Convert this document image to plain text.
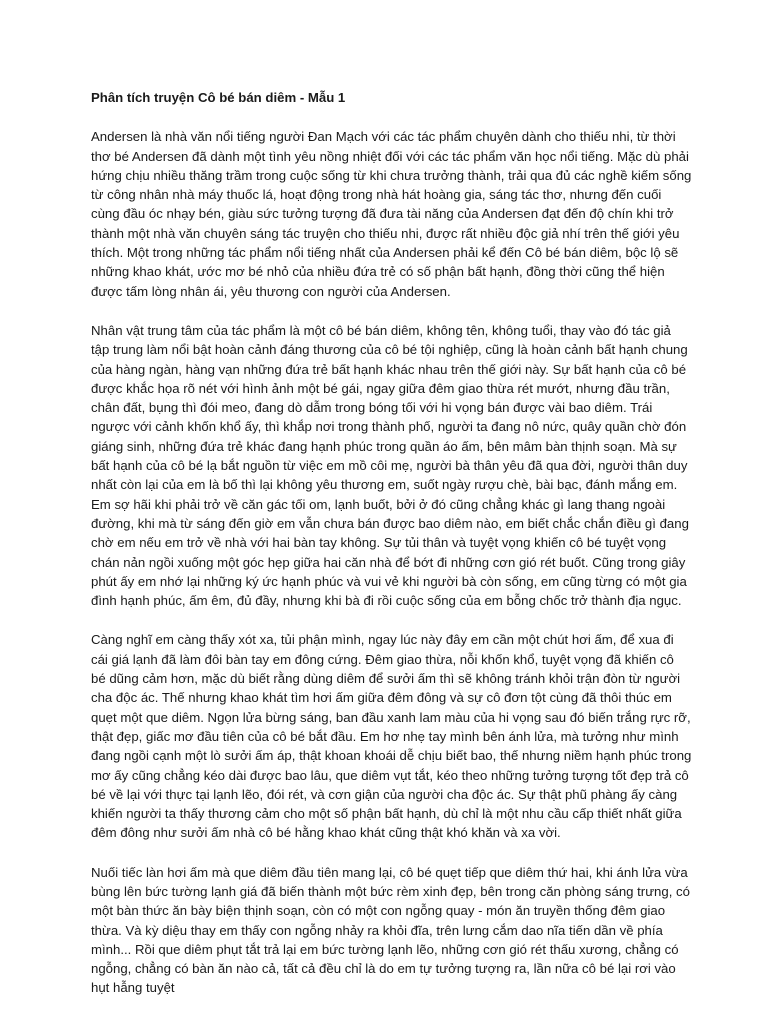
Phân tích truyện Cô bé bán diêm - Mẫu 1

Andersen là nhà văn nổi tiếng người Đan Mạch với các tác phẩm chuyên dành cho thiếu nhi, từ thời thơ bé Andersen đã dành một tình yêu nồng nhiệt đối với các tác phẩm văn học nổi tiếng. Mặc dù phải hứng chịu nhiều thăng trầm trong cuộc sống từ khi chưa trưởng thành, trải qua đủ các nghề kiếm sống từ công nhân nhà máy thuốc lá, hoạt động trong nhà hát hoàng gia, sáng tác thơ, nhưng đến cuối cùng đầu óc nhạy bén, giàu sức tưởng tượng đã đưa tài năng của Andersen đạt đến độ chín khi trở thành một nhà văn chuyên sáng tác truyện cho thiếu nhi, được rất nhiều độc giả nhí trên thế giới yêu thích. Một trong những tác phẩm nổi tiếng nhất của Andersen phải kể đến Cô bé bán diêm, bộc lộ sẽ những khao khát, ước mơ bé nhỏ của nhiều đứa trẻ có số phận bất hạnh, đồng thời cũng thể hiện được tấm lòng nhân ái, yêu thương con người của Andersen.

Nhân vật trung tâm của tác phẩm là một cô bé bán diêm, không tên, không tuổi, thay vào đó tác giả tập trung làm nổi bật hoàn cảnh đáng thương của cô bé tội nghiệp, cũng là hoàn cảnh bất hạnh chung của hàng ngàn, hàng vạn những đứa trẻ bất hạnh khác nhau trên thế giới này. Sự bất hạnh của cô bé được khắc họa rõ nét với hình ảnh một bé gái, ngay giữa đêm giao thừa rét mướt, nhưng đầu trần, chân đất, bụng thì đói meo, đang dò dẫm trong bóng tối với hi vọng bán được vài bao diêm. Trái ngược với cảnh khốn khổ ấy, thì khắp nơi trong thành phố, người ta đang nô nức, quây quần chờ đón giáng sinh, những đứa trẻ khác đang hạnh phúc trong quần áo ấm, bên mâm bàn thịnh soạn. Mà sự bất hạnh của cô bé lạ bắt nguồn từ việc em mồ côi mẹ, người bà thân yêu đã qua đời, người thân duy nhất còn lại của em là bố thì lại không yêu thương em, suốt ngày rượu chè, bài bạc, đánh mắng em. Em sợ hãi khi phải trở về căn gác tối om, lạnh buốt, bởi ở đó cũng chẳng khác gì lang thang ngoài đường, khi mà từ sáng đến giờ em vẫn chưa bán được bao diêm nào, em biết chắc chắn điều gì đang chờ em nếu em trở về nhà với hai bàn tay không. Sự tủi thân và tuyệt vọng khiến cô bé tuyệt vọng chán nản ngồi xuống một góc hẹp giữa hai căn nhà để bớt đi những cơn gió rét buốt. Cũng trong giây phút ấy em nhớ lại những ký ức hạnh phúc và vui vẻ khi người bà còn sống, em cũng từng có một gia đình hạnh phúc, ấm êm, đủ đầy, nhưng khi bà đi rồi cuộc sống của em bỗng chốc trở thành địa ngục.

Càng nghĩ em càng thấy xót xa, tủi phận mình, ngay lúc này đây em cần một chút hơi ấm, để xua đi cái giá lạnh đã làm đôi bàn tay em đông cứng. Đêm giao thừa, nỗi khốn khổ, tuyệt vọng đã khiến cô bé dũng cảm hơn, mặc dù biết rằng dùng diêm để sưởi ấm thì sẽ không tránh khỏi trận đòn từ người cha độc ác. Thế nhưng khao khát tìm hơi ấm giữa đêm đông và sự cô đơn tột cùng đã thôi thúc em quẹt một que diêm. Ngọn lửa bừng sáng, ban đầu xanh lam màu của hi vọng sau đó biến trắng rực rỡ, thật đẹp, giấc mơ đầu tiên của cô bé bắt đầu. Em hơ nhẹ tay mình bên ánh lửa, mà tưởng như mình đang ngồi cạnh một lò sưởi ấm áp, thật khoan khoái dễ chịu biết bao, thế nhưng niềm hạnh phúc trong mơ ấy cũng chẳng kéo dài được bao lâu, que diêm vụt tắt, kéo theo những tưởng tượng tốt đẹp trả cô bé về lại với thực tại lạnh lẽo, đói rét, và cơn giận của người cha độc ác. Sự thật phũ phàng ấy càng khiến người ta thấy thương cảm cho một số phận bất hạnh, dù chỉ là một nhu cầu cấp thiết nhất giữa đêm đông như sưởi ấm nhà cô bé hằng khao khát cũng thật khó khăn và xa vời.

Nuối tiếc làn hơi ấm mà que diêm đầu tiên mang lại, cô bé quẹt tiếp que diêm thứ hai, khi ánh lửa vừa bùng lên bức tường lạnh giá đã biến thành một bức rèm xinh đẹp, bên trong căn phòng sáng trưng, có một bàn thức ăn bày biện thịnh soạn, còn có một con ngỗng quay - món ăn truyền thống đêm giao thừa. Và kỳ diệu thay em thấy con ngỗng nhảy ra khỏi đĩa, trên lưng cắm dao nĩa tiến dần về phía mình... Rồi que diêm phụt tắt trả lại em bức tường lạnh lẽo, những cơn gió rét thấu xương, chẳng có ngỗng, chẳng có bàn ăn nào cả, tất cả đều chỉ là do em tự tưởng tượng ra, lần nữa cô bé lại rơi vào hụt hẫng tuyệt
